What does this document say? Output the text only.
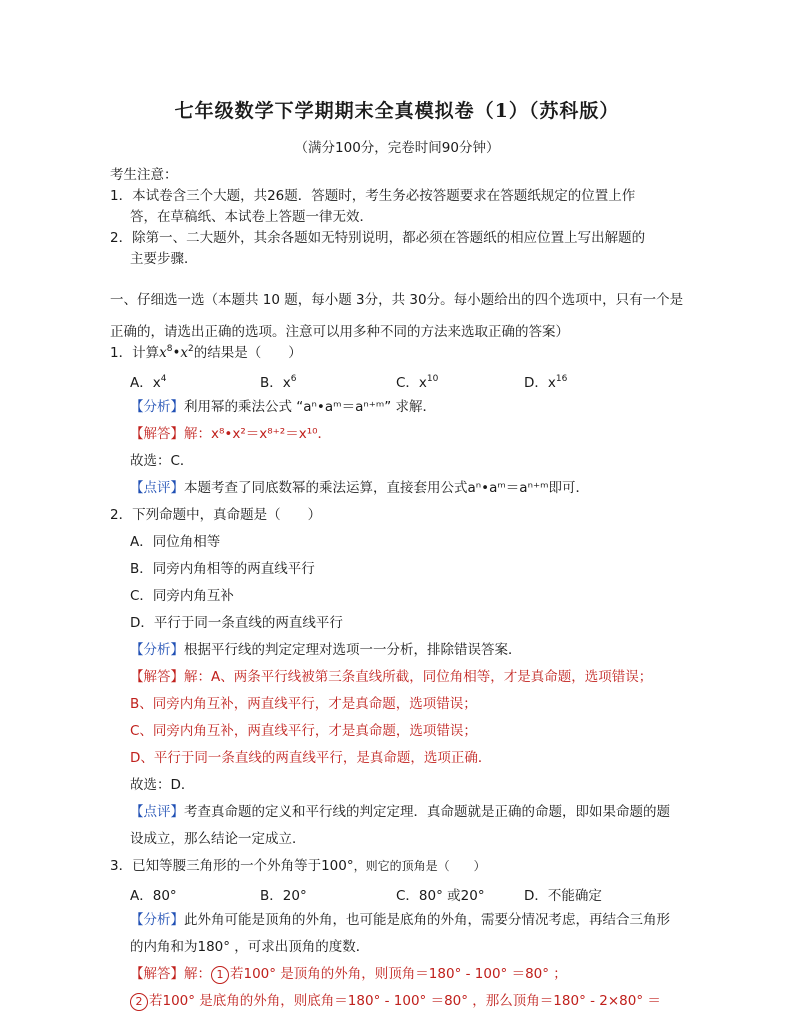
七年级数学下学期期末全真模拟卷（1）（苏科版）
（满分100分，完卷时间90分钟）
考生注意：
1．本试卷含三个大题，共26题．答题时，考生务必按答题要求在答题纸规定的位置上作
答，在草稿纸、本试卷上答题一律无效．
2．除第一、二大题外，其余各题如无特别说明，都必须在答题纸的相应位置上写出解题的
主要步骤．
一、仔细选一选（本题共 10 题，每小题 3分，共 30分。每小题给出的四个选项中，只有一个是
正确的，请选出正确的选项。注意可以用多种不同的方法来选取正确的答案）
1．计算$x^8•x^2$的结果是（　　）
A．$x^4$	B．$x^6$	C．$x^{10}$	D．$x^{16}$
【分析】利用幂的乘法公式 “aⁿ•aᵐ＝aⁿ⁺ᵐ” 求解．
【解答】解：x⁸•x²＝x⁸⁺²＝x¹⁰．
故选：C．
【点评】本题考查了同底数幂的乘法运算，直接套用公式aⁿ•aᵐ＝aⁿ⁺ᵐ即可．
2．下列命题中，真命题是（　　）
A．同位角相等
B．同旁内角相等的两直线平行
C．同旁内角互补
D．平行于同一条直线的两直线平行
【分析】根据平行线的判定定理对选项一一分析，排除错误答案．
【解答】解：A、两条平行线被第三条直线所截，同位角相等，才是真命题，选项错误；
B、同旁内角互补，两直线平行，才是真命题，选项错误；
C、同旁内角互补，两直线平行，才是真命题，选项错误；
D、平行于同一条直线的两直线平行，是真命题，选项正确．
故选：D．
【点评】考查真命题的定义和平行线的判定定理．真命题就是正确的命题，即如果命题的题
设成立，那么结论一定成立．
3．已知等腰三角形的一个外角等于100°，则它的顶角是（　　）
A．80°	B．20°	C．80° 或20°	D．不能确定
【分析】此外角可能是顶角的外角，也可能是底角的外角，需要分情况考虑，再结合三角形
的内角和为180° ，可求出顶角的度数．
【解答】解： 1 若100° 是顶角的外角，则顶角＝180° - 100° ＝80° ；
2 若100° 是底角的外角，则底角＝180° - 100° ＝80° ，那么顶角＝180° - 2×80° ＝
